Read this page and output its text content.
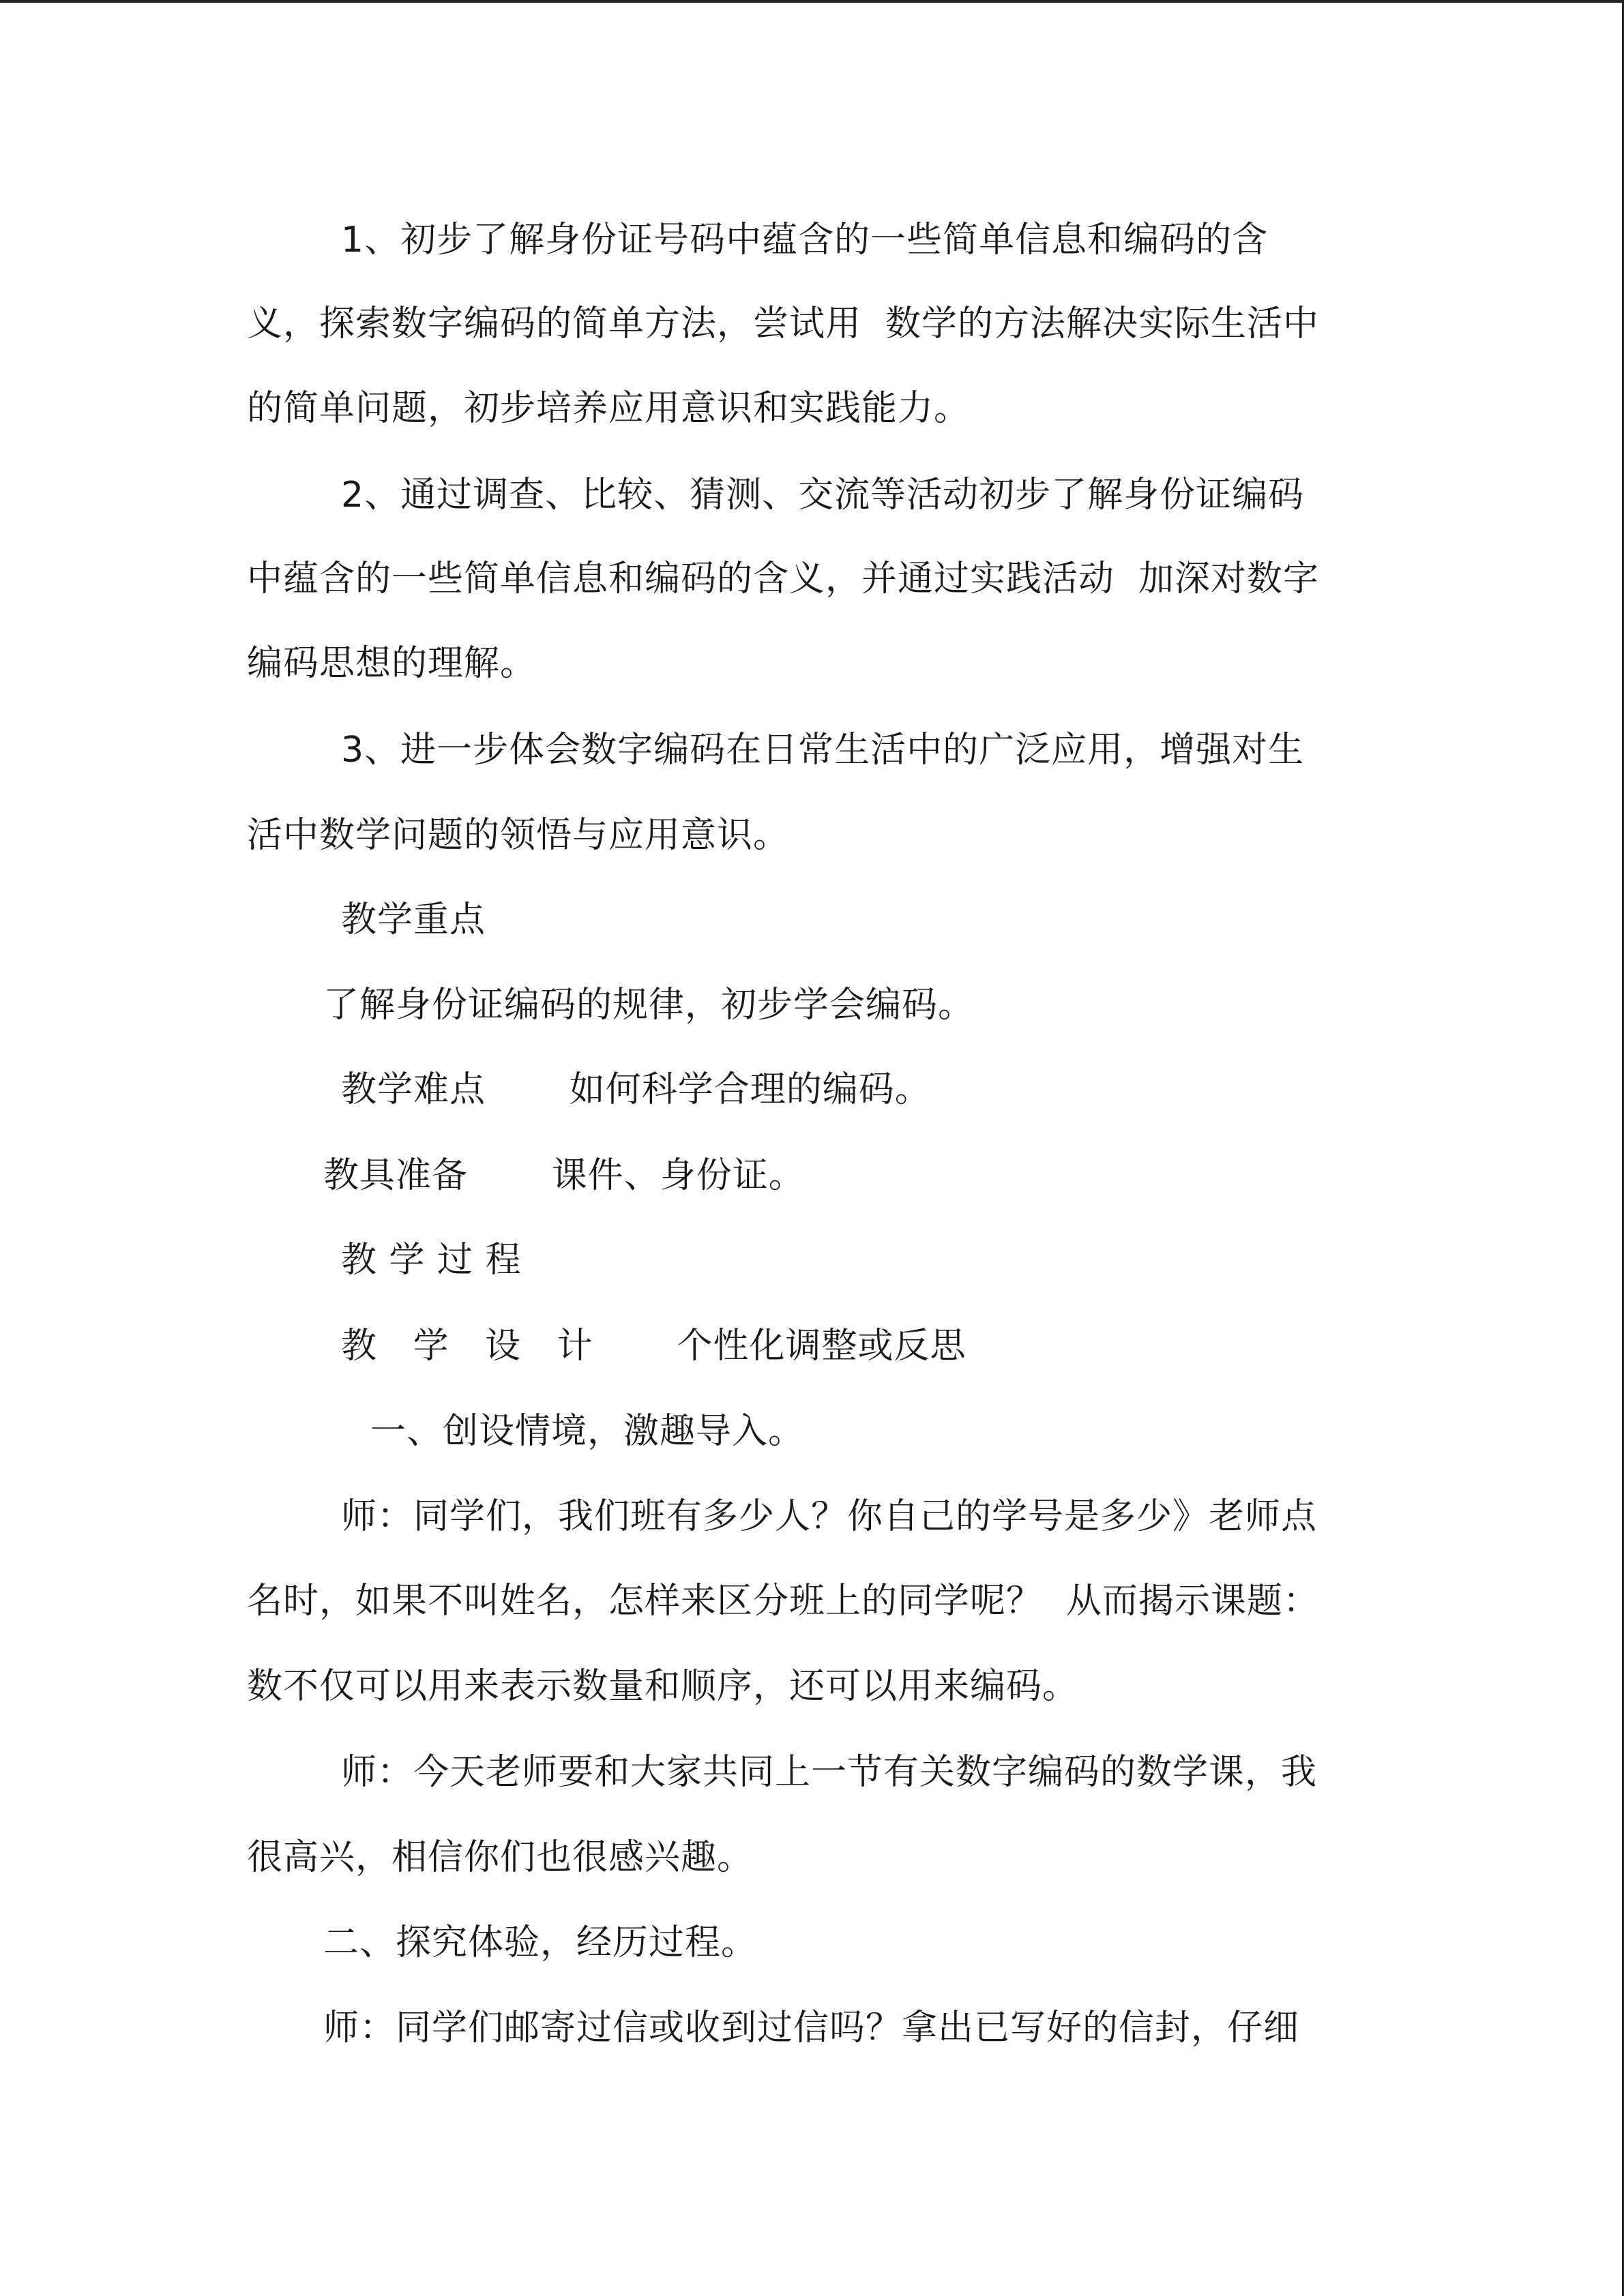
1、初步了解身份证号码中蕴含的一些简单信息和编码的含
义，探索数字编码的简单方法，尝试用  数学的方法解决实际生活中
的简单问题，初步培养应用意识和实践能力。
2、通过调查、比较、猜测、交流等活动初步了解身份证编码
中蕴含的一些简单信息和编码的含义，并通过实践活动  加深对数字
编码思想的理解。
3、进一步体会数字编码在日常生活中的广泛应用，增强对生
活中数学问题的领悟与应用意识。
教学重点
了解身份证编码的规律，初步学会编码。
教学难点       如何科学合理的编码。
教具准备       课件、身份证。
教 学 过 程
教   学   设   计       个性化调整或反思
一、创设情境，激趣导入。
师：同学们，我们班有多少人？你自己的学号是多少》老师点
名时，如果不叫姓名，怎样来区分班上的同学呢？  从而揭示课题：
数不仅可以用来表示数量和顺序，还可以用来编码。
师：今天老师要和大家共同上一节有关数字编码的数学课，我
很高兴，相信你们也很感兴趣。
二、探究体验，经历过程。
师：同学们邮寄过信或收到过信吗？拿出已写好的信封，仔细
